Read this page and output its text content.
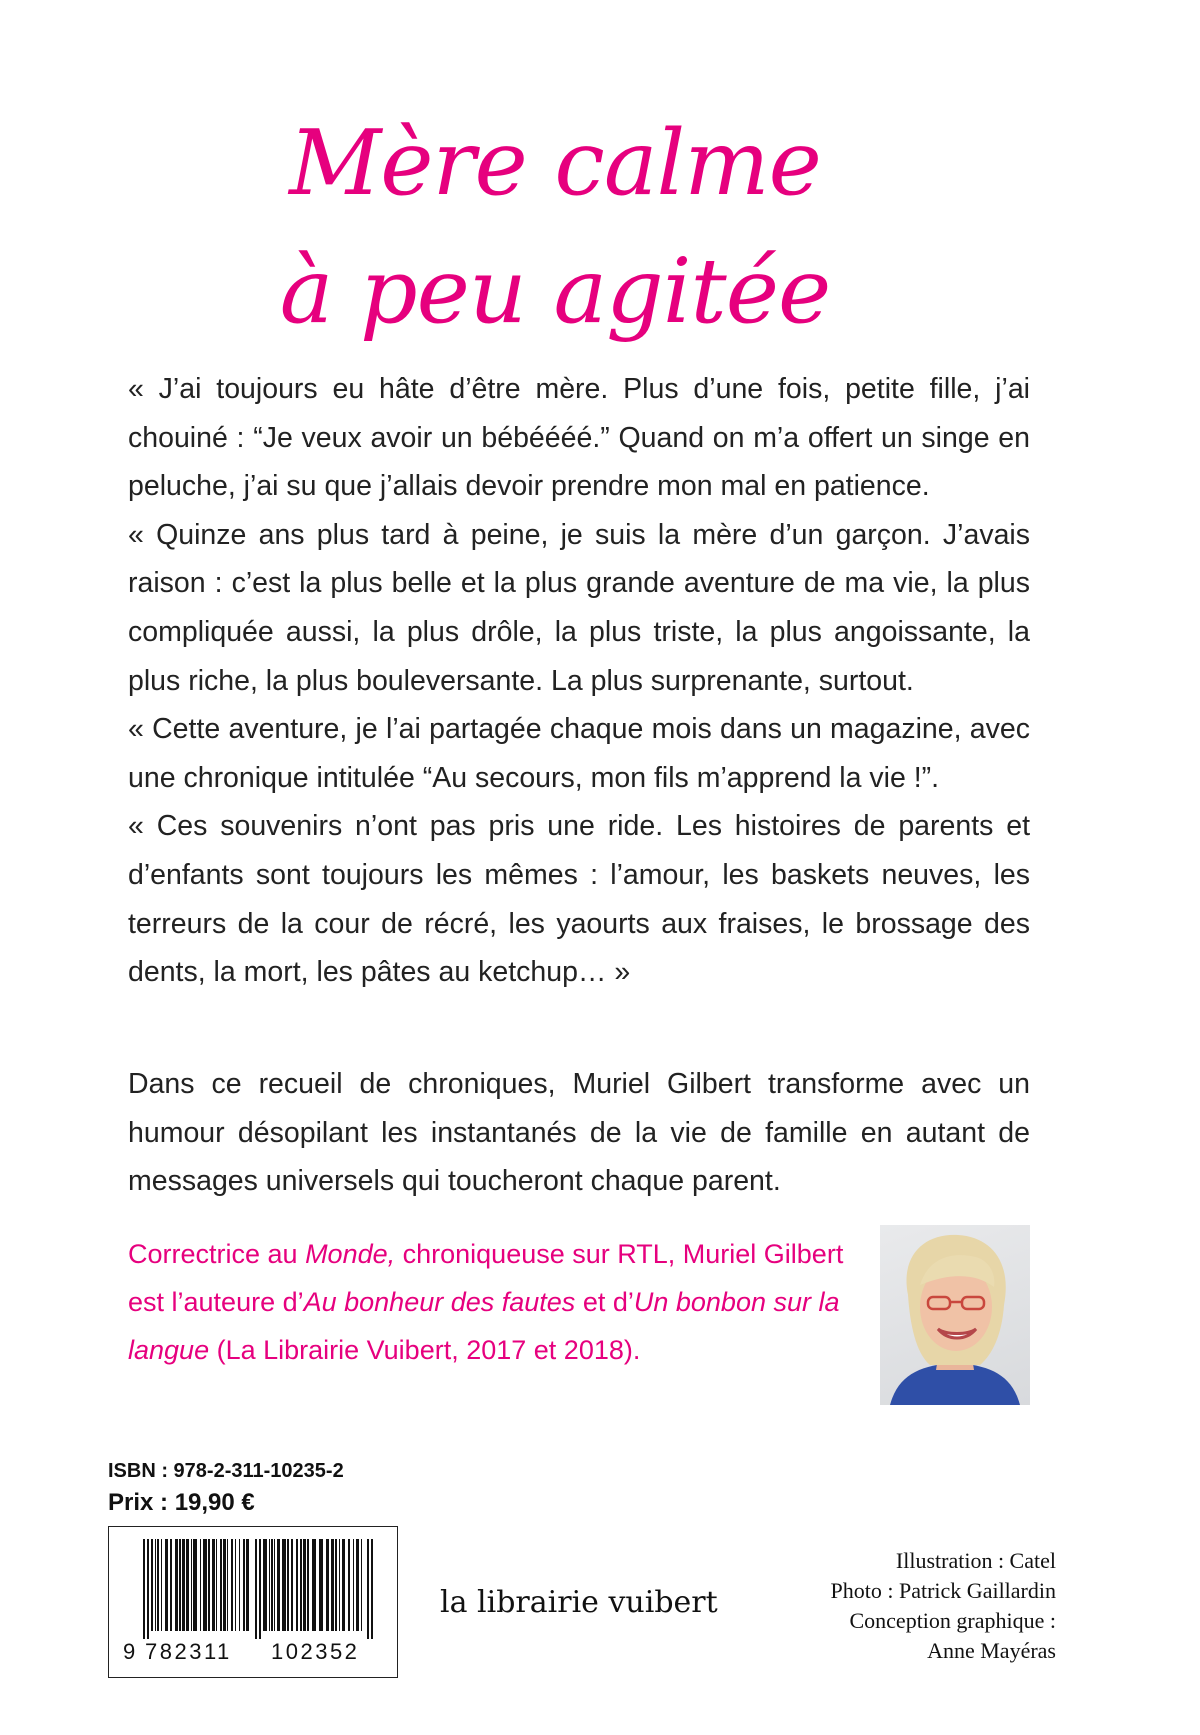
Mère calme
à peu agitée

« J’ai toujours eu hâte d’être mère. Plus d’une fois, petite fille, j’ai chouiné : “Je veux avoir un bébéééé.” Quand on m’a offert un singe en peluche, j’ai su que j’allais devoir prendre mon mal en patience.

« Quinze ans plus tard à peine, je suis la mère d’un garçon. J’avais raison : c’est la plus belle et la plus grande aventure de ma vie, la plus compliquée aussi, la plus drôle, la plus triste, la plus angoissante, la plus riche, la plus bouleversante. La plus surprenante, surtout.

« Cette aventure, je l’ai partagée chaque mois dans un magazine, avec une chronique intitulée “Au secours, mon fils m’apprend la vie !”.

« Ces souvenirs n’ont pas pris une ride. Les histoires de parents et d’enfants sont toujours les mêmes : l’amour, les baskets neuves, les terreurs de la cour de récré, les yaourts aux fraises, le brossage des dents, la mort, les pâtes au ketchup… »

Dans ce recueil de chroniques, Muriel Gilbert transforme avec un humour désopilant les instantanés de la vie de famille en autant de messages universels qui toucheront chaque parent.

Correctrice au Monde, chroniqueuse sur RTL, Muriel Gilbert est l’auteure d’Au bonheur des fautes et d’Un bonbon sur la langue (La Librairie Vuibert, 2017 et 2018).
ISBN : 978-2-311-10235-2
Prix : 19,90 €
9 782311 102352
la librairie vuibert
Illustration : Catel
Photo : Patrick Gaillardin
Conception graphique :
Anne Mayéras
